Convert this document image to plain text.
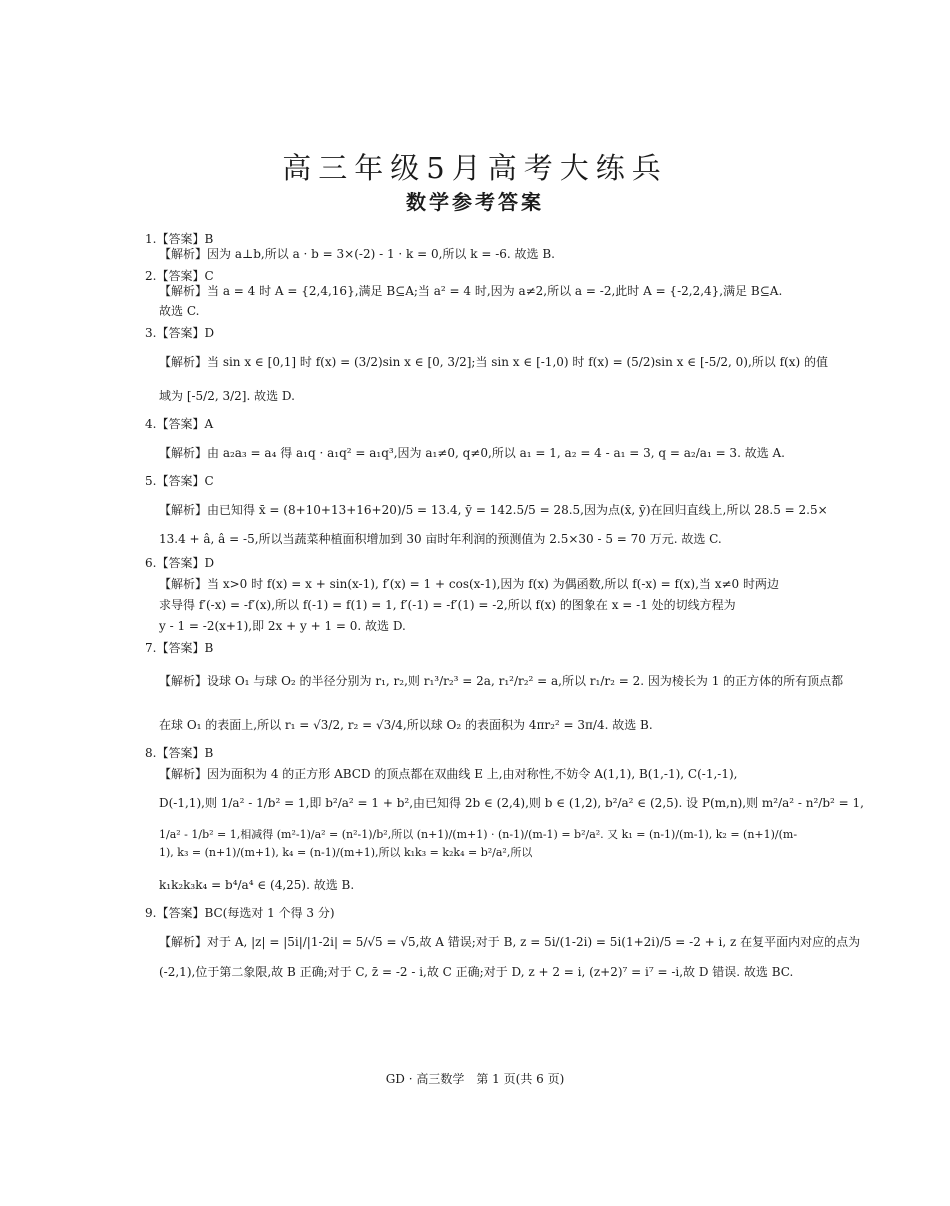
高三年级5月高考大练兵
数学参考答案
1.【答案】B
【解析】因为 a⊥b,所以 a · b = 3×(-2) - 1 · k = 0,所以 k = -6. 故选 B.
2.【答案】C
【解析】当 a = 4 时 A = {2,4,16},满足 B⊆A;当 a² = 4 时,因为 a≠2,所以 a = -2,此时 A = {-2,2,4},满足 B⊆A.
故选 C.
3.【答案】D
【解析】当 sin x ∈ [0,1] 时 f(x) = (3/2)sin x ∈ [0, 3/2];当 sin x ∈ [-1,0) 时 f(x) = (5/2)sin x ∈ [-5/2, 0),所以 f(x) 的值
域为 [-5/2, 3/2]. 故选 D.
4.【答案】A
【解析】由 a₂a₃ = a₄ 得 a₁q · a₁q² = a₁q³,因为 a₁≠0, q≠0,所以 a₁ = 1, a₂ = 4 - a₁ = 3, q = a₂/a₁ = 3. 故选 A.
5.【答案】C
【解析】由已知得 x̄ = (8+10+13+16+20)/5 = 13.4, ȳ = 142.5/5 = 28.5,因为点(x̄, ȳ)在回归直线上,所以 28.5 = 2.5×
13.4 + â, â = -5,所以当蔬菜种植面积增加到 30 亩时年利润的预测值为 2.5×30 - 5 = 70 万元. 故选 C.
6.【答案】D
【解析】当 x>0 时 f(x) = x + sin(x-1), f′(x) = 1 + cos(x-1),因为 f(x) 为偶函数,所以 f(-x) = f(x),当 x≠0 时两边
求导得 f′(-x) = -f′(x),所以 f(-1) = f(1) = 1, f′(-1) = -f′(1) = -2,所以 f(x) 的图象在 x = -1 处的切线方程为
y - 1 = -2(x+1),即 2x + y + 1 = 0. 故选 D.
7.【答案】B
【解析】设球 O₁ 与球 O₂ 的半径分别为 r₁, r₂,则 r₁³/r₂³ = 2a, r₁²/r₂² = a,所以 r₁/r₂ = 2. 因为棱长为 1 的正方体的所有顶点都
在球 O₁ 的表面上,所以 r₁ = √3/2, r₂ = √3/4,所以球 O₂ 的表面积为 4πr₂² = 3π/4. 故选 B.
8.【答案】B
【解析】因为面积为 4 的正方形 ABCD 的顶点都在双曲线 E 上,由对称性,不妨令 A(1,1), B(1,-1), C(-1,-1),
D(-1,1),则 1/a² - 1/b² = 1,即 b²/a² = 1 + b²,由已知得 2b ∈ (2,4),则 b ∈ (1,2), b²/a² ∈ (2,5). 设 P(m,n),则 m²/a² - n²/b² = 1,
1/a² - 1/b² = 1,相减得 (m²-1)/a² = (n²-1)/b²,所以 (n+1)/(m+1) · (n-1)/(m-1) = b²/a². 又 k₁ = (n-1)/(m-1), k₂ = (n+1)/(m-1), k₃ = (n+1)/(m+1), k₄ = (n-1)/(m+1),所以 k₁k₃ = k₂k₄ = b²/a²,所以
k₁k₂k₃k₄ = b⁴/a⁴ ∈ (4,25). 故选 B.
9.【答案】BC(每选对 1 个得 3 分)
【解析】对于 A, |z| = |5i|/|1-2i| = 5/√5 = √5,故 A 错误;对于 B, z = 5i/(1-2i) = 5i(1+2i)/5 = -2 + i, z 在复平面内对应的点为
(-2,1),位于第二象限,故 B 正确;对于 C, z̄ = -2 - i,故 C 正确;对于 D, z + 2 = i, (z+2)⁷ = i⁷ = -i,故 D 错误. 故选 BC.
GD · 高三数学　第 1 页(共 6 页)
